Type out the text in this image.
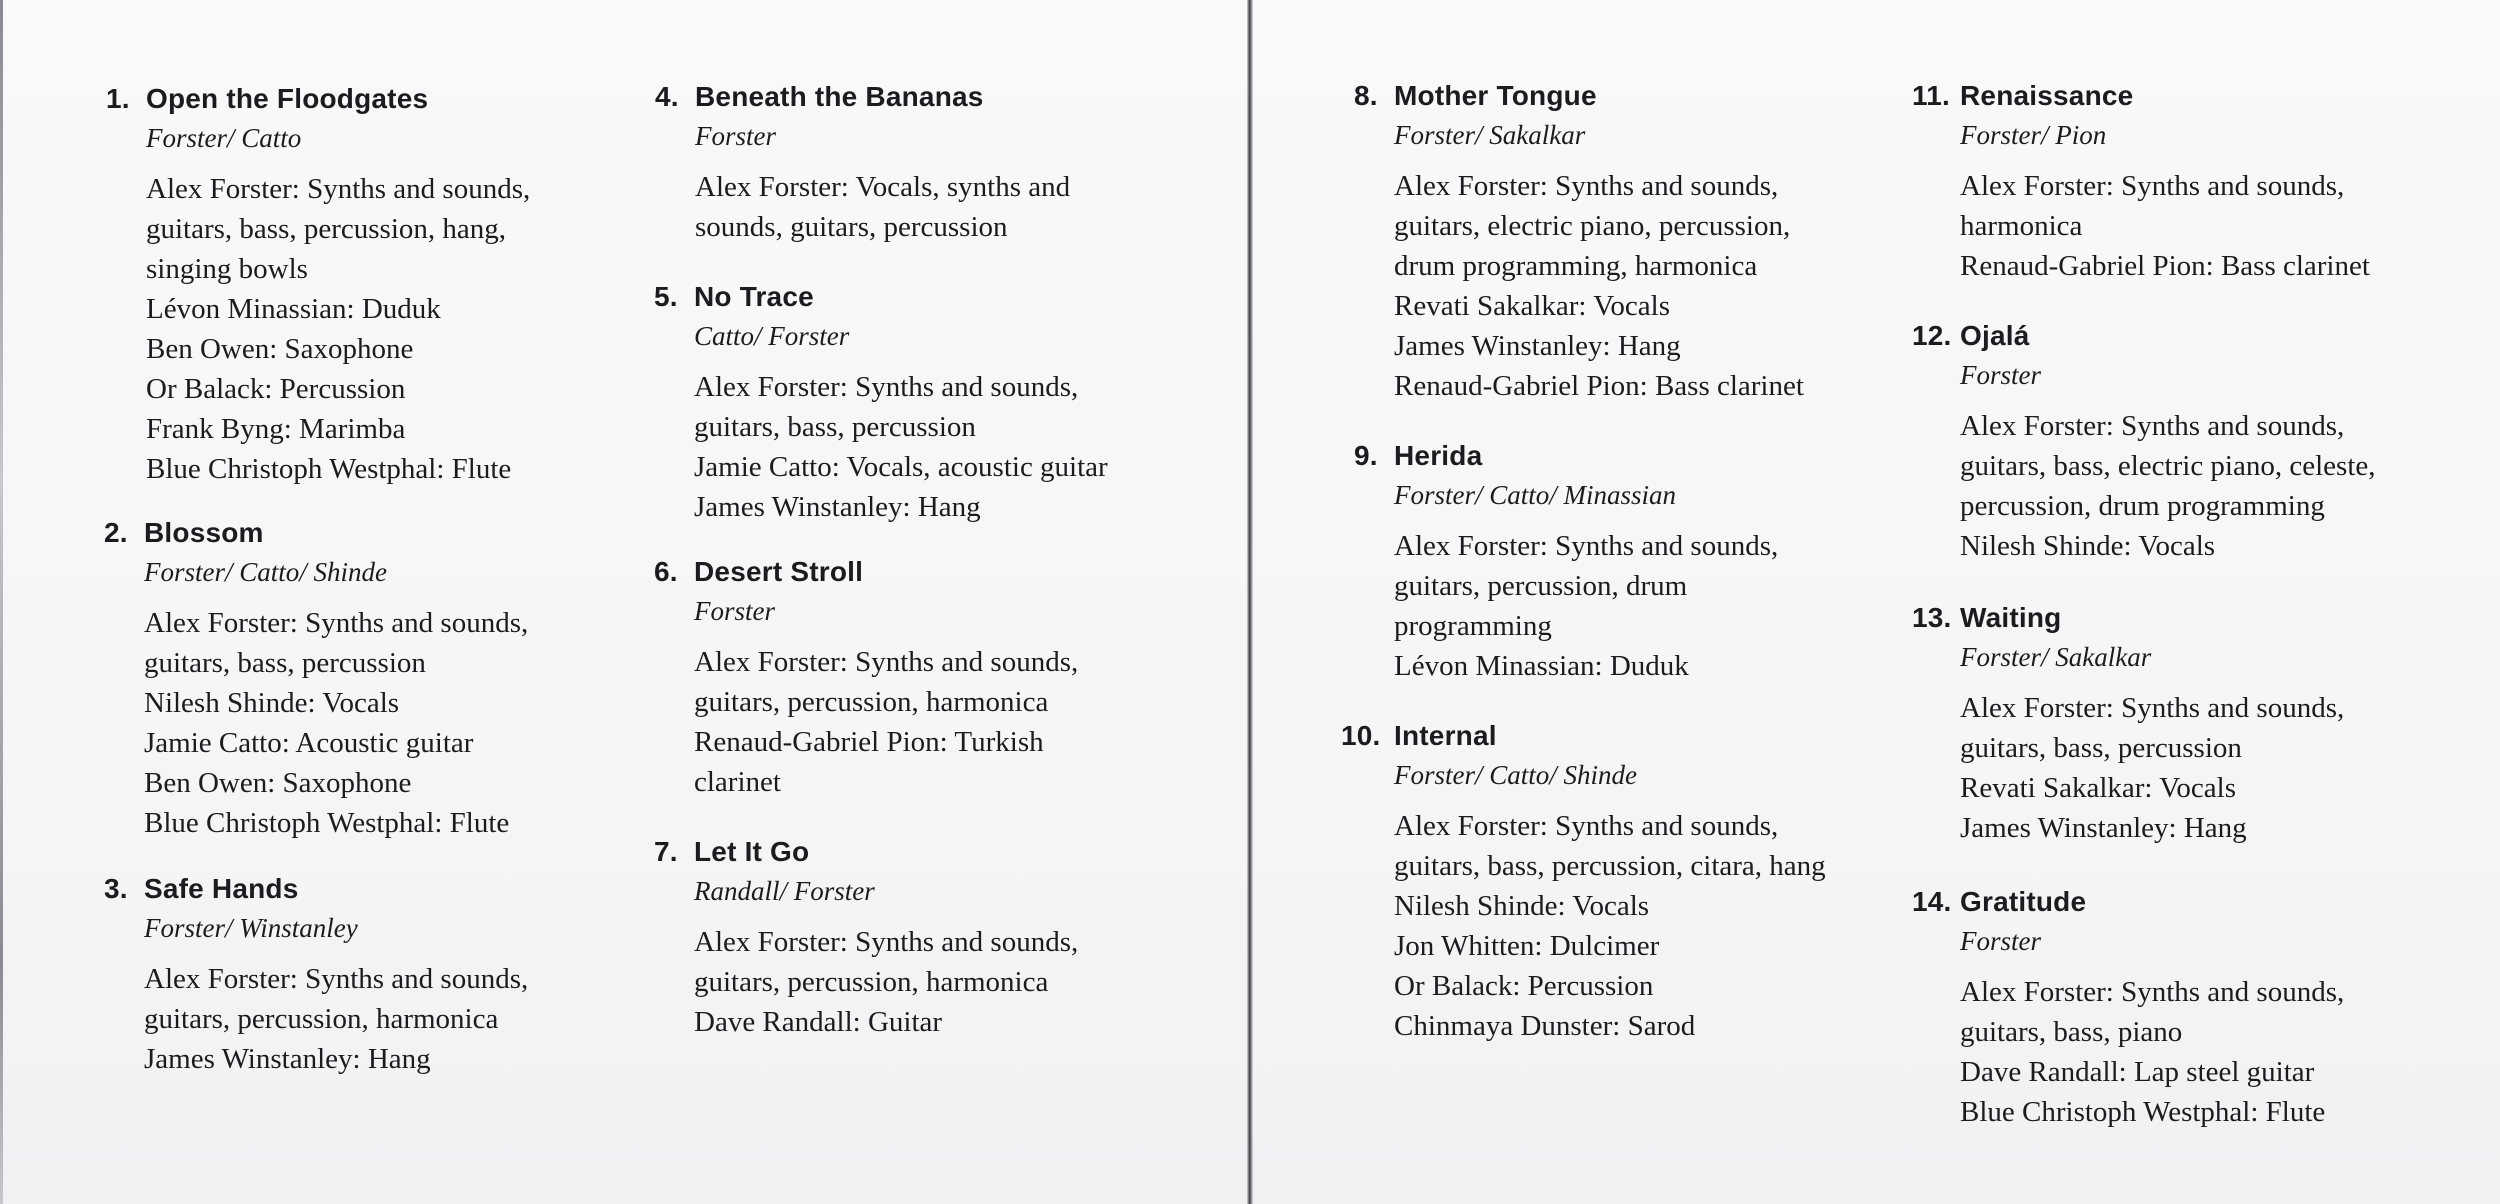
1. Open the Floodgates
Forster/ Catto
Alex Forster: Synths and sounds,
guitars, bass, percussion, hang,
singing bowls
Lévon Minassian: Duduk
Ben Owen: Saxophone
Or Balack: Percussion
Frank Byng: Marimba
Blue Christoph Westphal: Flute
2. Blossom
Forster/ Catto/ Shinde
Alex Forster: Synths and sounds,
guitars, bass, percussion
Nilesh Shinde: Vocals
Jamie Catto: Acoustic guitar
Ben Owen: Saxophone
Blue Christoph Westphal: Flute
3. Safe Hands
Forster/ Winstanley
Alex Forster: Synths and sounds,
guitars, percussion, harmonica
James Winstanley: Hang
4. Beneath the Bananas
Forster
Alex Forster: Vocals, synths and
sounds, guitars, percussion
5. No Trace
Catto/ Forster
Alex Forster: Synths and sounds,
guitars, bass, percussion
Jamie Catto: Vocals, acoustic guitar
James Winstanley: Hang
6. Desert Stroll
Forster
Alex Forster: Synths and sounds,
guitars, percussion, harmonica
Renaud-Gabriel Pion: Turkish
clarinet
7. Let It Go
Randall/ Forster
Alex Forster: Synths and sounds,
guitars, percussion, harmonica
Dave Randall: Guitar
8. Mother Tongue
Forster/ Sakalkar
Alex Forster: Synths and sounds,
guitars, electric piano, percussion,
drum programming, harmonica
Revati Sakalkar: Vocals
James Winstanley: Hang
Renaud-Gabriel Pion: Bass clarinet
9. Herida
Forster/ Catto/ Minassian
Alex Forster: Synths and sounds,
guitars, percussion, drum
programming
Lévon Minassian: Duduk
10. Internal
Forster/ Catto/ Shinde
Alex Forster: Synths and sounds,
guitars, bass, percussion, citara, hang
Nilesh Shinde: Vocals
Jon Whitten: Dulcimer
Or Balack: Percussion
Chinmaya Dunster: Sarod
11. Renaissance
Forster/ Pion
Alex Forster: Synths and sounds,
harmonica
Renaud-Gabriel Pion: Bass clarinet
12. Ojalá
Forster
Alex Forster: Synths and sounds,
guitars, bass, electric piano, celeste,
percussion, drum programming
Nilesh Shinde: Vocals
13. Waiting
Forster/ Sakalkar
Alex Forster: Synths and sounds,
guitars, bass, percussion
Revati Sakalkar: Vocals
James Winstanley: Hang
14. Gratitude
Forster
Alex Forster: Synths and sounds,
guitars, bass, piano
Dave Randall: Lap steel guitar
Blue Christoph Westphal: Flute
